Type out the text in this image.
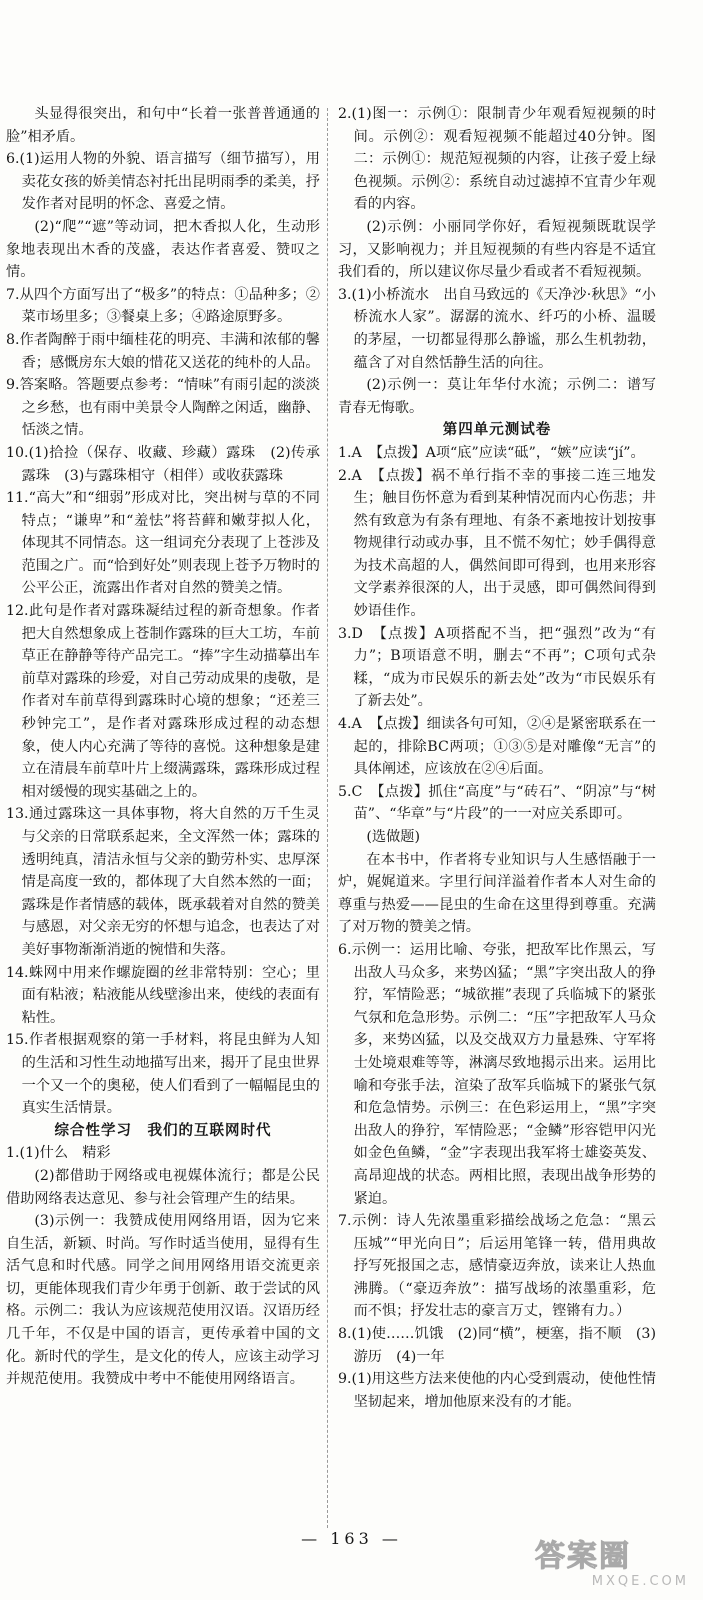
头显得很突出，和句中“长着一张普普通通的脸”相矛盾。

6.(1)运用人物的外貌、语言描写（细节描写），用卖花女孩的娇美情态衬托出昆明雨季的柔美，抒发作者对昆明的怀念、喜爱之情。

(2)“爬”“遮”等动词，把木香拟人化，生动形象地表现出木香的茂盛，表达作者喜爱、赞叹之情。

7.从四个方面写出了“极多”的特点：①品种多；②菜市场里多；③餐桌上多；④路途原野多。

8.作者陶醉于雨中缅桂花的明亮、丰满和浓郁的馨香；感慨房东大娘的惜花又送花的纯朴的人品。

9.答案略。答题要点参考：“情味”有雨引起的淡淡之乡愁，也有雨中美景令人陶醉之闲适，幽静、恬淡之情。

10.(1)拾捡（保存、收藏、珍藏）露珠　(2)传承露珠　(3)与露珠相守（相伴）或收获露珠

11.“高大”和“细弱”形成对比，突出树与草的不同特点；“谦卑”和“羞怯”将苔藓和嫩芽拟人化，体现其不同情态。这一组词充分表现了上苍涉及范围之广。而“恰到好处”则表现上苍予万物时的公平公正，流露出作者对自然的赞美之情。

12.此句是作者对露珠凝结过程的新奇想象。作者把大自然想象成上苍制作露珠的巨大工坊，车前草正在静静等待产品完工。“捧”字生动描摹出车前草对露珠的珍爱，对自己劳动成果的虔敬，是作者对车前草得到露珠时心境的想象；“还差三秒钟完工”，是作者对露珠形成过程的动态想象，使人内心充满了等待的喜悦。这种想象是建立在清晨车前草叶片上缀满露珠，露珠形成过程相对缓慢的现实基础之上的。

13.通过露珠这一具体事物，将大自然的万千生灵与父亲的日常联系起来，全文浑然一体；露珠的透明纯真，清洁永恒与父亲的勤劳朴实、忠厚深情是高度一致的，都体现了大自然本然的一面；露珠是作者情感的载体，既承载着对自然的赞美与感恩，对父亲无穷的怀想与追念，也表达了对美好事物渐渐消逝的惋惜和失落。

14.蛛网中用来作螺旋圈的丝非常特别：空心；里面有粘液；粘液能从线壁渗出来，使线的表面有粘性。

15.作者根据观察的第一手材料，将昆虫鲜为人知的生活和习性生动地描写出来，揭开了昆虫世界一个又一个的奥秘，使人们看到了一幅幅昆虫的真实生活情景。

综合性学习　我们的互联网时代

1.(1)什么　精彩

(2)都借助于网络或电视媒体流行；都是公民借助网络表达意见、参与社会管理产生的结果。

(3)示例一：我赞成使用网络用语，因为它来自生活，新颖、时尚。写作时适当使用，显得有生活气息和时代感。同学之间用网络用语交流更亲切，更能体现我们青少年勇于创新、敢于尝试的风格。示例二：我认为应该规范使用汉语。汉语历经几千年，不仅是中国的语言，更传承着中国的文化。新时代的学生，是文化的传人，应该主动学习并规范使用。我赞成中考中不能使用网络语言。

2.(1)图一：示例①：限制青少年观看短视频的时间。示例②：观看短视频不能超过40分钟。图二：示例①：规范短视频的内容，让孩子爱上绿色视频。示例②：系统自动过滤掉不宜青少年观看的内容。

(2)示例：小丽同学你好，看短视频既耽误学习，又影响视力；并且短视频的有些内容是不适宜我们看的，所以建议你尽量少看或者不看短视频。

3.(1)小桥流水　出自马致远的《天净沙·秋思》“小桥流水人家”。潺潺的流水、纤巧的小桥、温暖的茅屋，一切都显得那么静谧，那么生机勃勃，蕴含了对自然恬静生活的向往。

(2)示例一：莫让年华付水流；示例二：谱写青春无悔歌。

第四单元测试卷

1.A　【点拨】A项“底”应读“砥”，“嫉”应读“jí”。

2.A　【点拨】祸不单行指不幸的事接二连三地发生；触目伤怀意为看到某种情况而内心伤悲；井然有致意为有条有理地、有条不紊地按计划按事物规律行动或办事，且不慌不匆忙；妙手偶得意为技术高超的人，偶然间即可得到，也用来形容文学素养很深的人，出于灵感，即可偶然间得到妙语佳作。

3.D　【点拨】A项搭配不当，把“强烈”改为“有力”；B项语意不明，删去“不再”；C项句式杂糅，“成为市民娱乐的新去处”改为“市民娱乐有了新去处”。

4.A　【点拨】细读各句可知，②④是紧密联系在一起的，排除BC两项；①③⑤是对雕像“无言”的具体阐述，应该放在②④后面。

5.C　【点拨】抓住“高度”与“砖石”、“阴凉”与“树苗”、“华章”与“片段”的一一对应关系即可。

(选做题)

在本书中，作者将专业知识与人生感悟融于一炉，娓娓道来。字里行间洋溢着作者本人对生命的尊重与热爱——昆虫的生命在这里得到尊重。充满了对万物的赞美之情。

6.示例一：运用比喻、夸张，把敌军比作黑云，写出敌人马众多，来势凶猛；“黑”字突出敌人的狰狞，军情险恶；“城欲摧”表现了兵临城下的紧张气氛和危急形势。示例二：“压”字把敌军人马众多，来势凶猛，以及交战双方力量悬殊、守军将士处境艰难等等，淋漓尽致地揭示出来。运用比喻和夸张手法，渲染了敌军兵临城下的紧张气氛和危急情势。示例三：在色彩运用上，“黑”字突出敌人的狰狞，军情险恶；“金鳞”形容铠甲闪光如金色鱼鳞，“金”字表现出我军将士雄姿英发、高昂迎战的状态。两相比照，表现出战争形势的紧迫。

7.示例：诗人先浓墨重彩描绘战场之危急：“黑云压城”“甲光向日”；后运用笔锋一转，借用典故抒写死报国之志，感情豪迈奔放，读来让人热血沸腾。（“豪迈奔放”：描写战场的浓墨重彩，危而不惧；抒发壮志的豪言万丈，铿锵有力。）

8.(1)使……饥饿　(2)同“横”，梗塞，指不顺　(3)游历　(4)一年

9.(1)用这些方法来使他的内心受到震动，使他性情坚韧起来，增加他原来没有的才能。

— 163 —
答案圈
MXQE.COM
